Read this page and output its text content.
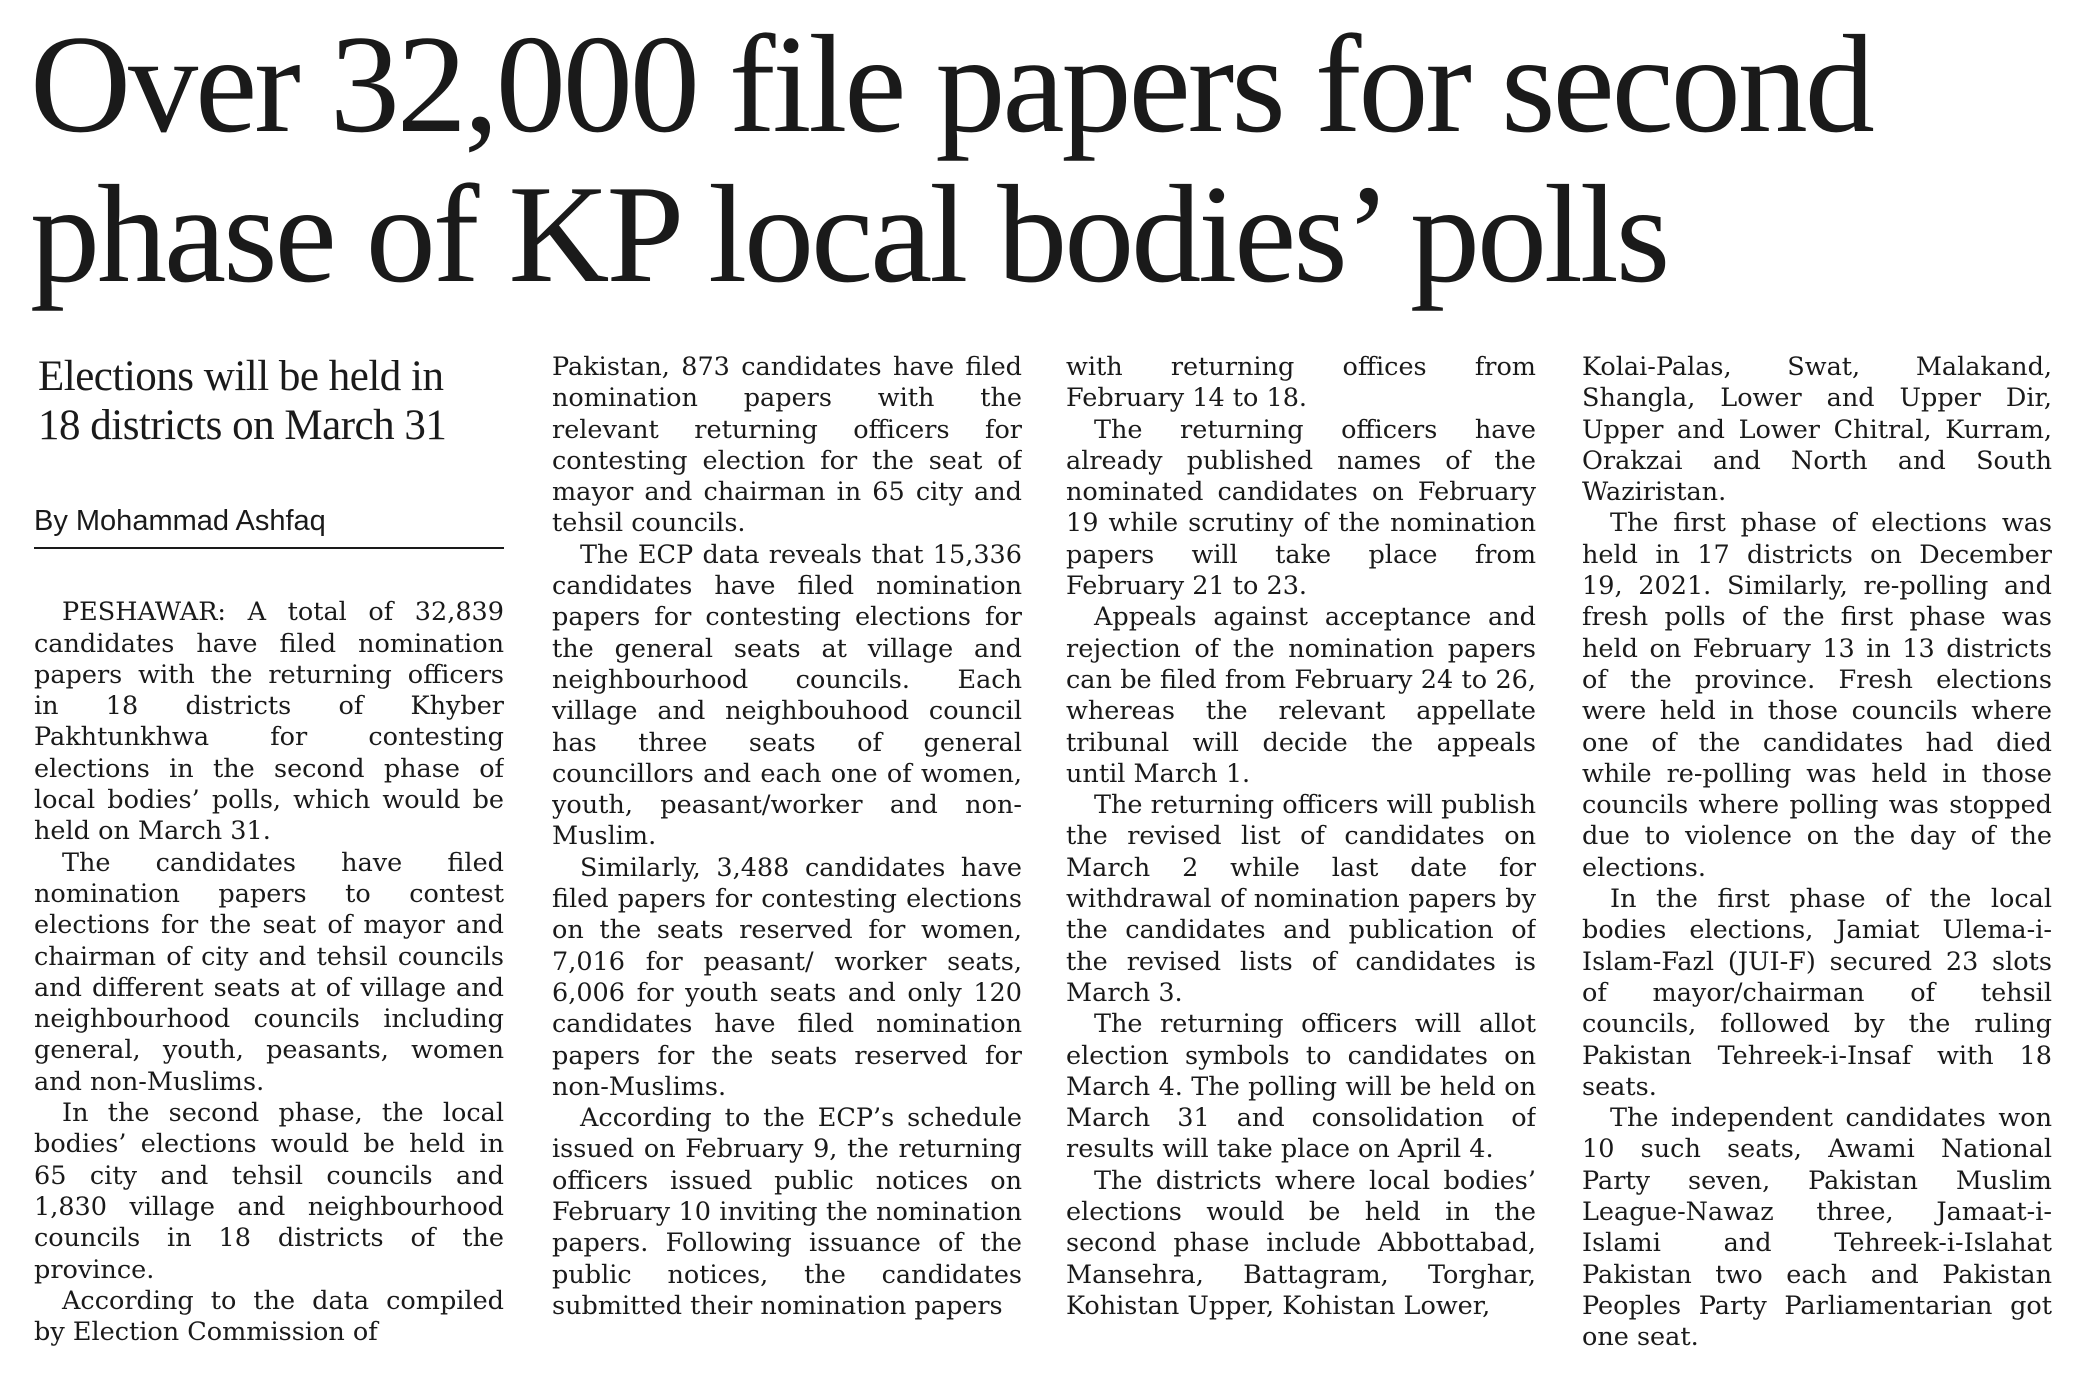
Over 32,000 file papers for second
phase of KP local bodies’ polls
Elections will be held in
18 districts on March 31
By Mohammad Ashfaq

PESHAWAR: A total of 32,839 candidates have filed nomination papers with the returning officers in 18 districts of Khyber Pakhtunkhwa for contesting elections in the second phase of local bodies’ polls, which would be held on March 31.

The candidates have filed nomination papers to contest elections for the seat of mayor and chairman of city and tehsil councils and different seats at of village and neighbourhood councils including general, youth, peasants, women and non-Muslims.

In the second phase, the local bodies’ elections would be held in 65 city and tehsil councils and 1,830 village and neighbourhood councils in 18 districts of the province.

According to the data compiled by Election Commission of

Pakistan, 873 candidates have filed nomination papers with the relevant returning officers for contesting election for the seat of mayor and chairman in 65 city and tehsil councils.

The ECP data reveals that 15,336 candidates have filed nomination papers for contesting elections for the general seats at village and neighbourhood councils. Each village and neighbouhood council has three seats of general councillors and each one of women, youth, peasant/worker and non-Muslim.

Similarly, 3,488 candidates have filed papers for contesting elections on the seats reserved for women, 7,016 for peasant/ worker seats, 6,006 for youth seats and only 120 candidates have filed nomination papers for the seats reserved for non-Muslims.

According to the ECP’s schedule issued on February 9, the returning officers issued public notices on February 10 inviting the nomination papers. Following issuance of the public notices, the candidates submitted their nomination papers

with returning offices from February 14 to 18.

The returning officers have already published names of the nominated candidates on February 19 while scrutiny of the nomination papers will take place from February 21 to 23.

Appeals against acceptance and rejection of the nomination papers can be filed from February 24 to 26, whereas the relevant appellate tribunal will decide the appeals until March 1.

The returning officers will publish the revised list of candidates on March 2 while last date for withdrawal of nomination papers by the candidates and publication of the revised lists of candidates is March 3.

The returning officers will allot election symbols to candidates on March 4. The polling will be held on March 31 and consolidation of results will take place on April 4.

The districts where local bodies’ elections would be held in the second phase include Abbottabad, Mansehra, Battagram, Torghar, Kohistan Upper, Kohistan Lower,

Kolai-Palas, Swat, Malakand, Shangla, Lower and Upper Dir, Upper and Lower Chitral, Kurram, Orakzai and North and South Waziristan.

The first phase of elections was held in 17 districts on December 19, 2021. Similarly, re-polling and fresh polls of the first phase was held on February 13 in 13 districts of the province. Fresh elections were held in those councils where one of the candidates had died while re-polling was held in those councils where polling was stopped due to violence on the day of the elections.

In the first phase of the local bodies elections, Jamiat Ulema-i-Islam-Fazl (JUI-F) secured 23 slots of mayor/chairman of tehsil councils, followed by the ruling Pakistan Tehreek-i-Insaf with 18 seats.

The independent candidates won 10 such seats, Awami National Party seven, Pakistan Muslim League-Nawaz three, Jamaat-i-Islami and Tehreek-i-Islahat Pakistan two each and Pakistan Peoples Party Parliamentarian got one seat.
